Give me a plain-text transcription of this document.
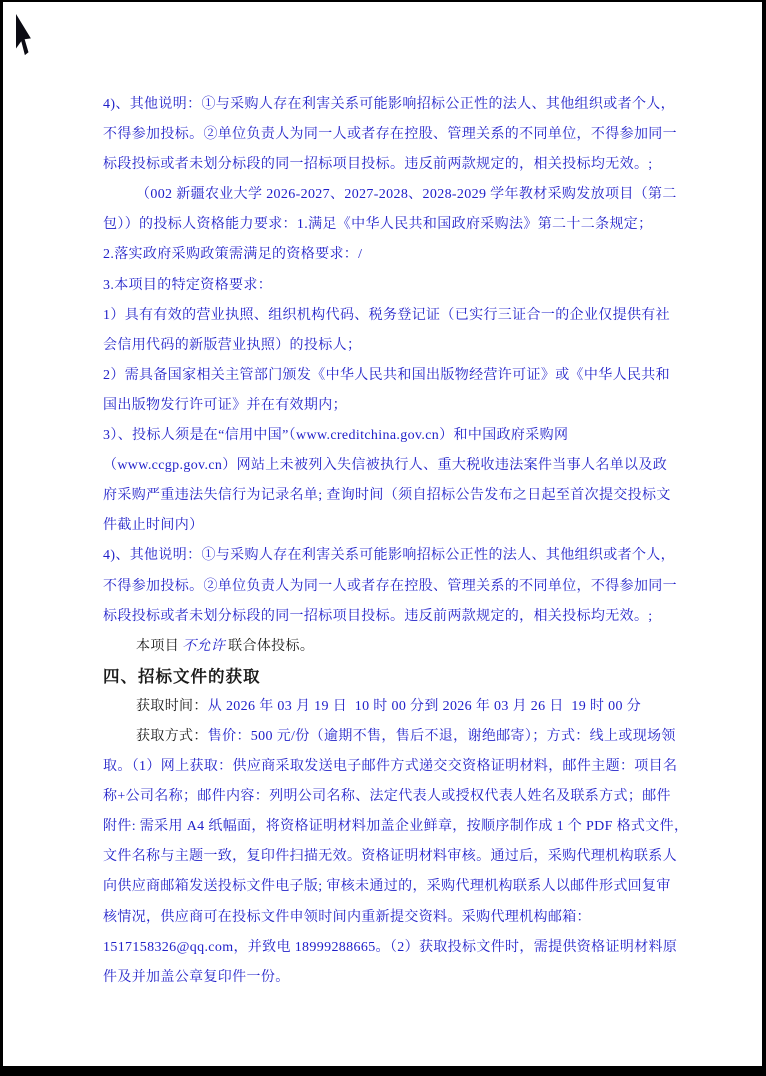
4)、其他说明：①与采购人存在利害关系可能影响招标公正性的法人、其他组织或者个人，
不得参加投标。②单位负责人为同一人或者存在控股、管理关系的不同单位，不得参加同一
标段投标或者未划分标段的同一招标项目投标。违反前两款规定的，相关投标均无效。;
（002 新疆农业大学 2026-2027、2027-2028、2028-2029 学年教材采购发放项目（第二
包））的投标人资格能力要求：1.满足《中华人民共和国政府采购法》第二十二条规定；
2.落实政府采购政策需满足的资格要求：/
3.本项目的特定资格要求：
1）具有有效的营业执照、组织机构代码、税务登记证（已实行三证合一的企业仅提供有社
会信用代码的新版营业执照）的投标人；
2）需具备国家相关主管部门颁发《中华人民共和国出版物经营许可证》或《中华人民共和
国出版物发行许可证》并在有效期内；
3）、投标人须是在“信用中国”（www.creditchina.gov.cn）和中国政府采购网
（www.ccgp.gov.cn）网站上未被列入失信被执行人、重大税收违法案件当事人名单以及政
府采购严重违法失信行为记录名单; 查询时间（须自招标公告发布之日起至首次提交投标文
件截止时间内）
4)、其他说明：①与采购人存在利害关系可能影响招标公正性的法人、其他组织或者个人，
不得参加投标。②单位负责人为同一人或者存在控股、管理关系的不同单位，不得参加同一
标段投标或者未划分标段的同一招标项目投标。违反前两款规定的，相关投标均无效。;
本项目 不允许 联合体投标。
四、招标文件的获取
获取时间：从 2026 年 03 月 19 日  10 时 00 分到 2026 年 03 月 26 日  19 时 00 分
获取方式：售价：500 元/份（逾期不售，售后不退，谢绝邮寄）；方式：线上或现场领
取。（1）网上获取：供应商采取发送电子邮件方式递交交资格证明材料，邮件主题：项目名
称+公司名称；邮件内容：列明公司名称、法定代表人或授权代表人姓名及联系方式；邮件
附件: 需采用 A4 纸幅面，将资格证明材料加盖企业鲜章，按顺序制作成 1 个 PDF 格式文件，
文件名称与主题一致，复印件扫描无效。资格证明材料审核。通过后，采购代理机构联系人
向供应商邮箱发送投标文件电子版; 审核未通过的，采购代理机构联系人以邮件形式回复审
核情况，供应商可在投标文件申领时间内重新提交资料。采购代理机构邮箱：
1517158326@qq.com，并致电 18999288665。（2）获取投标文件时，需提供资格证明材料原
件及并加盖公章复印件一份。
